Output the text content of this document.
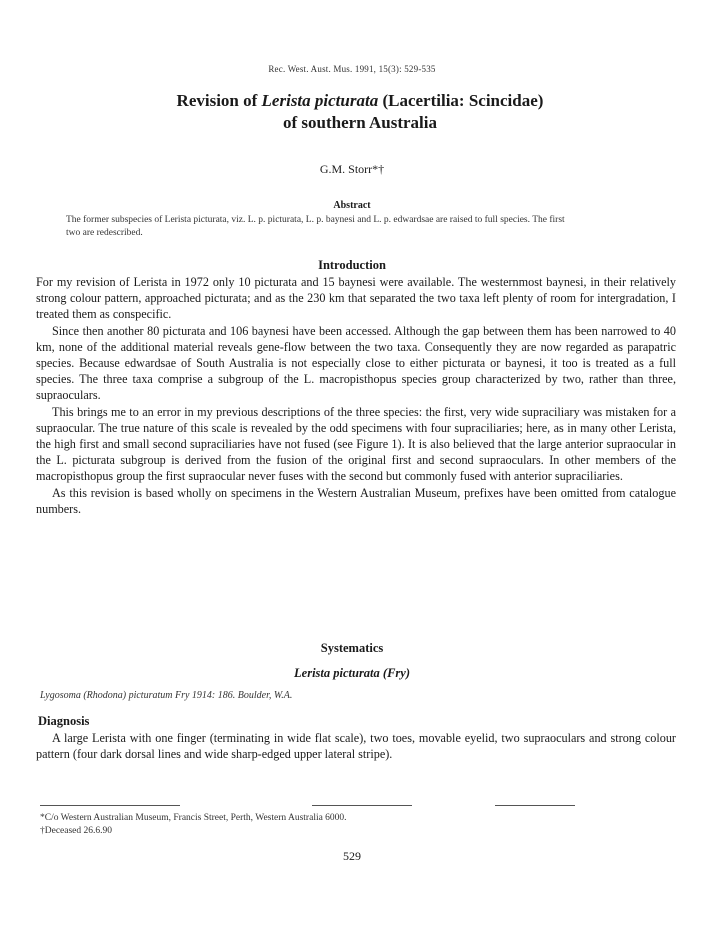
Rec. West. Aust. Mus. 1991, 15(3): 529-535
Revision of Lerista picturata (Lacertilia: Scincidae)
of southern Australia
G.M. Storr*†
Abstract
The former subspecies of Lerista picturata, viz. L. p. picturata, L. p. baynesi and L. p. edwardsae are raised to full species. The first two are redescribed.
Introduction

For my revision of Lerista in 1972 only 10 picturata and 15 baynesi were available. The westernmost baynesi, in their relatively strong colour pattern, approached picturata; and as the 230 km that separated the two taxa left plenty of room for intergradation, I treated them as conspecific.

Since then another 80 picturata and 106 baynesi have been accessed. Although the gap between them has been narrowed to 40 km, none of the additional material reveals gene-flow between the two taxa. Consequently they are now regarded as parapatric species. Because edwardsae of South Australia is not especially close to either picturata or baynesi, it too is treated as a full species. The three taxa comprise a subgroup of the L. macropisthopus species group characterized by two, rather than three, supraoculars.

This brings me to an error in my previous descriptions of the three species: the first, very wide supraciliary was mistaken for a supraocular. The true nature of this scale is revealed by the odd specimens with four supraciliaries; here, as in many other Lerista, the high first and small second supraciliaries have not fused (see Figure 1). It is also believed that the large anterior supraocular in the L. picturata subgroup is derived from the fusion of the original first and second supraoculars. In other members of the macropisthopus group the first supraocular never fuses with the second but commonly fused with anterior supraciliaries.

As this revision is based wholly on specimens in the Western Australian Museum, prefixes have been omitted from catalogue numbers.

Systematics
Lerista picturata (Fry)
Lygosoma (Rhodona) picturatum Fry 1914: 186. Boulder, W.A.
Diagnosis

A large Lerista with one finger (terminating in wide flat scale), two toes, movable eyelid, two supraoculars and strong colour pattern (four dark dorsal lines and wide sharp-edged upper lateral stripe).

*C/o Western Australian Museum, Francis Street, Perth, Western Australia 6000.
†Deceased 26.6.90
529
